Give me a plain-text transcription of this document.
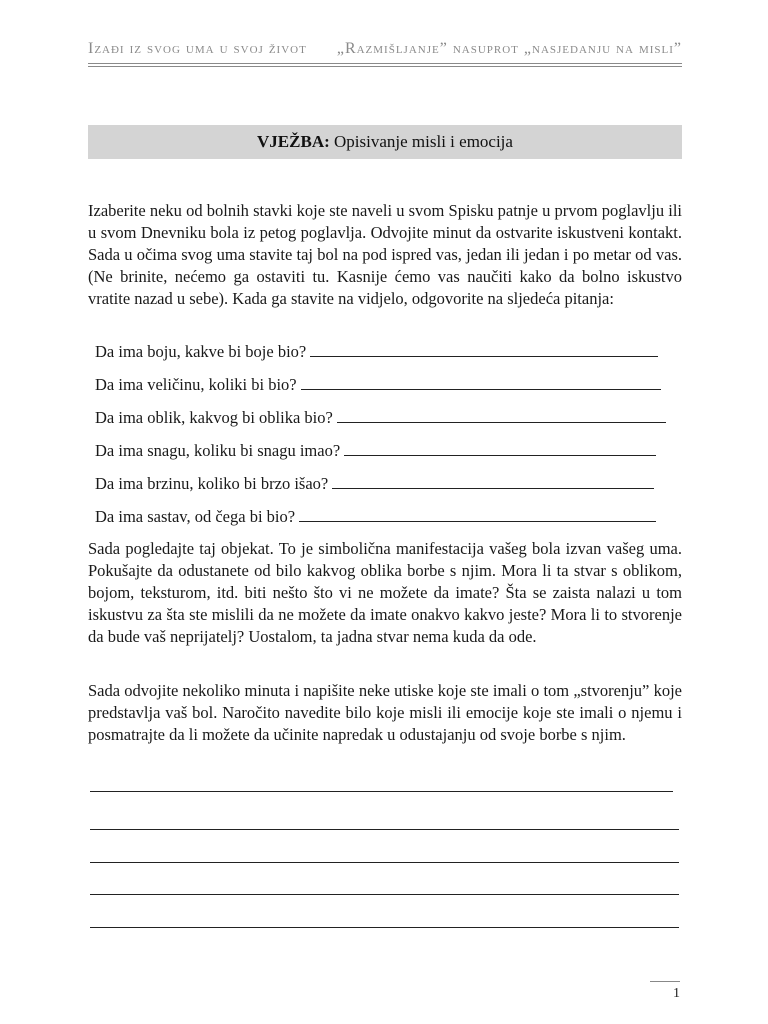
Izađi iz svog uma u svoj život „Razmišljanje” nasuprot „nasjedanju na misli”
VJEŽBA:
Opisivanje misli i emocija

Izaberite neku od bolnih stavki koje ste naveli u svom Spisku patnje u prvom poglavlju ili u svom Dnevniku bola iz petog poglavlja. Odvojite minut da ostvarite iskustveni kontakt. Sada u očima svog uma stavite taj bol na pod ispred vas, jedan ili jedan i po metar od vas. (Ne brinite, nećemo ga ostaviti tu. Kasnije ćemo vas naučiti kako da bolno iskustvo vratite nazad u sebe). Kada ga stavite na vidjelo, odgovorite na sljedeća pitanja:

Da ima boju, kakve bi boje bio?
Da ima veličinu, koliki bi bio?
Da ima oblik, kakvog bi oblika bio?
Da ima snagu, koliku bi snagu imao?
Da ima brzinu, koliko bi brzo išao?
Da ima sastav, od čega bi bio?

Sada pogledajte taj objekat. To je simbolična manifestacija vašeg bola izvan vašeg uma. Pokušajte da odustanete od bilo kakvog oblika borbe s njim. Mora li ta stvar s oblikom, bojom, teksturom, itd. biti nešto što vi ne možete da imate? Šta se zaista nalazi u tom iskustvu za šta ste mislili da ne možete da imate onakvo kakvo jeste? Mora li to stvorenje da bude vaš neprijatelj? Uostalom, ta jadna stvar nema kuda da ode.

Sada odvojite nekoliko minuta i napišite neke utiske koje ste imali o tom „stvorenju” koje predstavlja vaš bol. Naročito navedite bilo koje misli ili emocije koje ste imali o njemu i posmatrajte da li možete da učinite napredak u odustajanju od svoje borbe s njim.

1
